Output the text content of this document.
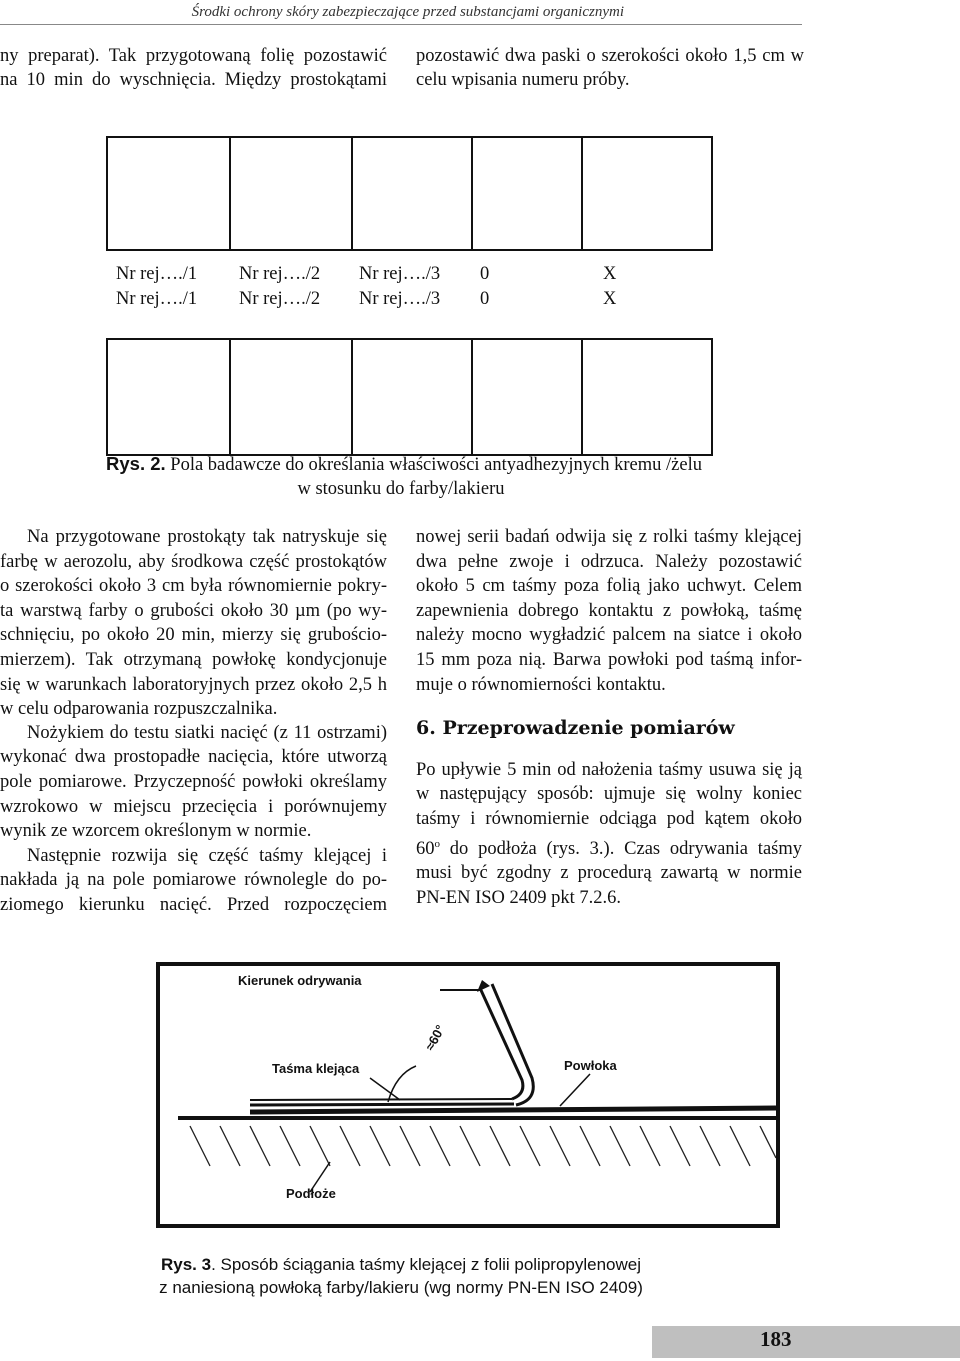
Środki ochrony skóry zabezpieczające przed substancjami organicznymi
ny preparat). Tak przygotowaną folię pozostawić
na 10 min do wyschnięcia. Między prostokątami
pozostawić dwa paski o szerokości około 1,5 cm w
celu wpisania numeru próby.

Nr rej…./1 Nr rej…./2 Nr rej…./3 0	X
Nr rej…./1 Nr rej…./2 Nr rej…./3 0	X
Rys. 2. Pola badawcze do określania właściwości antyadhezyjnych kremu /żelu
w stosunku do farby/lakieru
Na przygotowane prostokąty tak natryskuje się
farbę w aerozolu, aby środkowa część prostokątów
o szerokości około 3 cm była równomiernie pokry-
ta warstwą farby o grubości około 30 µm (po wy-
schnięciu, po około 20 min, mierzy się grubościo-
mierzem). Tak otrzymaną powłokę kondycjonuje
się w warunkach laboratoryjnych przez około 2,5 h
w celu odparowania rozpuszczalnika.
Nożykiem do testu siatki nacięć (z 11 ostrzami)
wykonać dwa prostopadłe nacięcia, które utworzą
pole pomiarowe. Przyczepność powłoki określamy
wzrokowo w miejscu przecięcia i porównujemy
wynik ze wzorcem określonym w normie.
Następnie rozwija się część taśmy klejącej i
nakłada ją na pole pomiarowe równolegle do po-
ziomego kierunku nacięć. Przed rozpoczęciem
nowej serii badań odwija się z rolki taśmy klejącej
dwa pełne zwoje i odrzuca. Należy pozostawić
około 5 cm taśmy poza folią jako uchwyt. Celem
zapewnienia dobrego kontaktu z powłoką, taśmę
należy mocno wygładzić palcem na siatce i około
15 mm poza nią. Barwa powłoki pod taśmą infor-
muje o równomierności kontaktu.
6. Przeprowadzenie pomiarów
Po upływie 5 min od nałożenia taśmy usuwa się ją
w następujący sposób: ujmuje się wolny koniec
taśmy i równomiernie odciąga pod kątem około
60$^o$ do podłoża (rys. 3.). Czas odrywania taśmy
musi być zgodny z procedurą zawartą w normie
PN-EN ISO 2409 pkt 7.2.6.
Kierunek odrywania
Taśma klejąca
≈60°
Powłoka
Podłoże
Rys. 3. Sposób ściągania taśmy klejącej z folii polipropylenowej
z naniesioną powłoką farby/lakieru (wg normy PN-EN ISO 2409)
183
